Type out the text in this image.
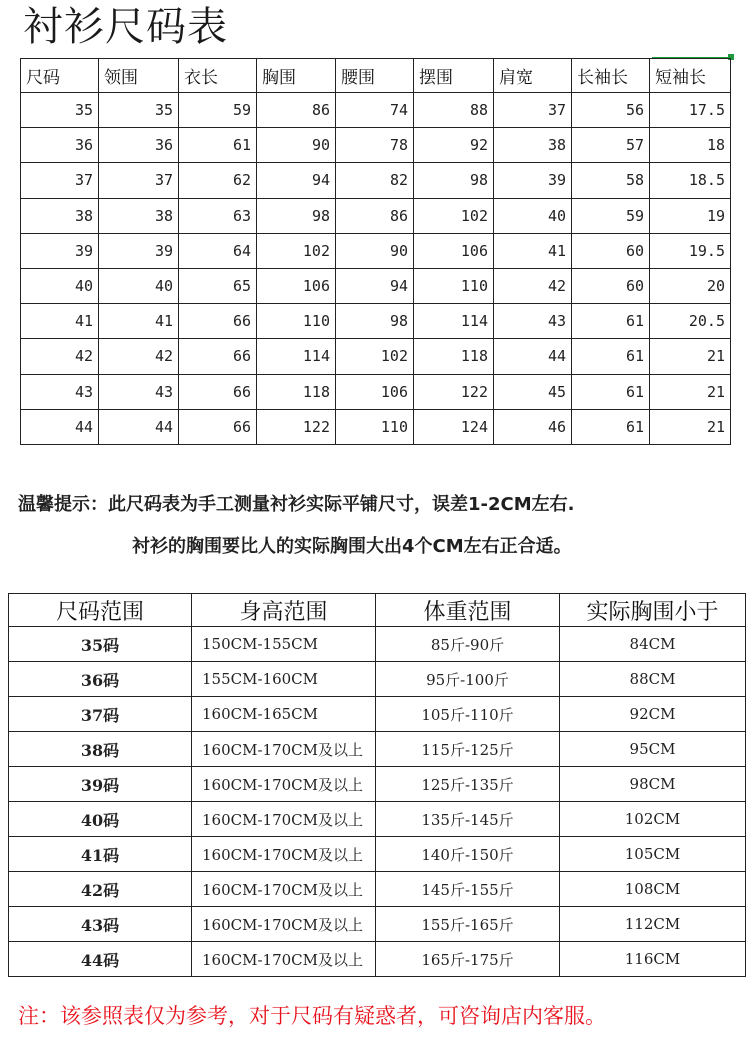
衬衫尺码表
尺码	领围	衣长	胸围	腰围	摆围	肩宽	长袖长	短袖长
35	35	59	86	74	88	37	56	17.5
36	36	61	90	78	92	38	57	18
37	37	62	94	82	98	39	58	18.5
38	38	63	98	86	102	40	59	19
39	39	64	102	90	106	41	60	19.5
40	40	65	106	94	110	42	60	20
41	41	66	110	98	114	43	61	20.5
42	42	66	114	102	118	44	61	21
43	43	66	118	106	122	45	61	21
44	44	66	122	110	124	46	61	21
温馨提示：此尺码表为手工测量衬衫实际平铺尺寸，误差1-2CM左右.
衬衫的胸围要比人的实际胸围大出4个CM左右正合适。
尺码范围	身高范围	体重范围	实际胸围小于
35码	150CM-155CM	85斤-90斤	84CM
36码	155CM-160CM	95斤-100斤	88CM
37码	160CM-165CM	105斤-110斤	92CM
38码	160CM-170CM及以上	115斤-125斤	95CM
39码	160CM-170CM及以上	125斤-135斤	98CM
40码	160CM-170CM及以上	135斤-145斤	102CM
41码	160CM-170CM及以上	140斤-150斤	105CM
42码	160CM-170CM及以上	145斤-155斤	108CM
43码	160CM-170CM及以上	155斤-165斤	112CM
44码	160CM-170CM及以上	165斤-175斤	116CM
注：该参照表仅为参考，对于尺码有疑惑者，可咨询店内客服。
